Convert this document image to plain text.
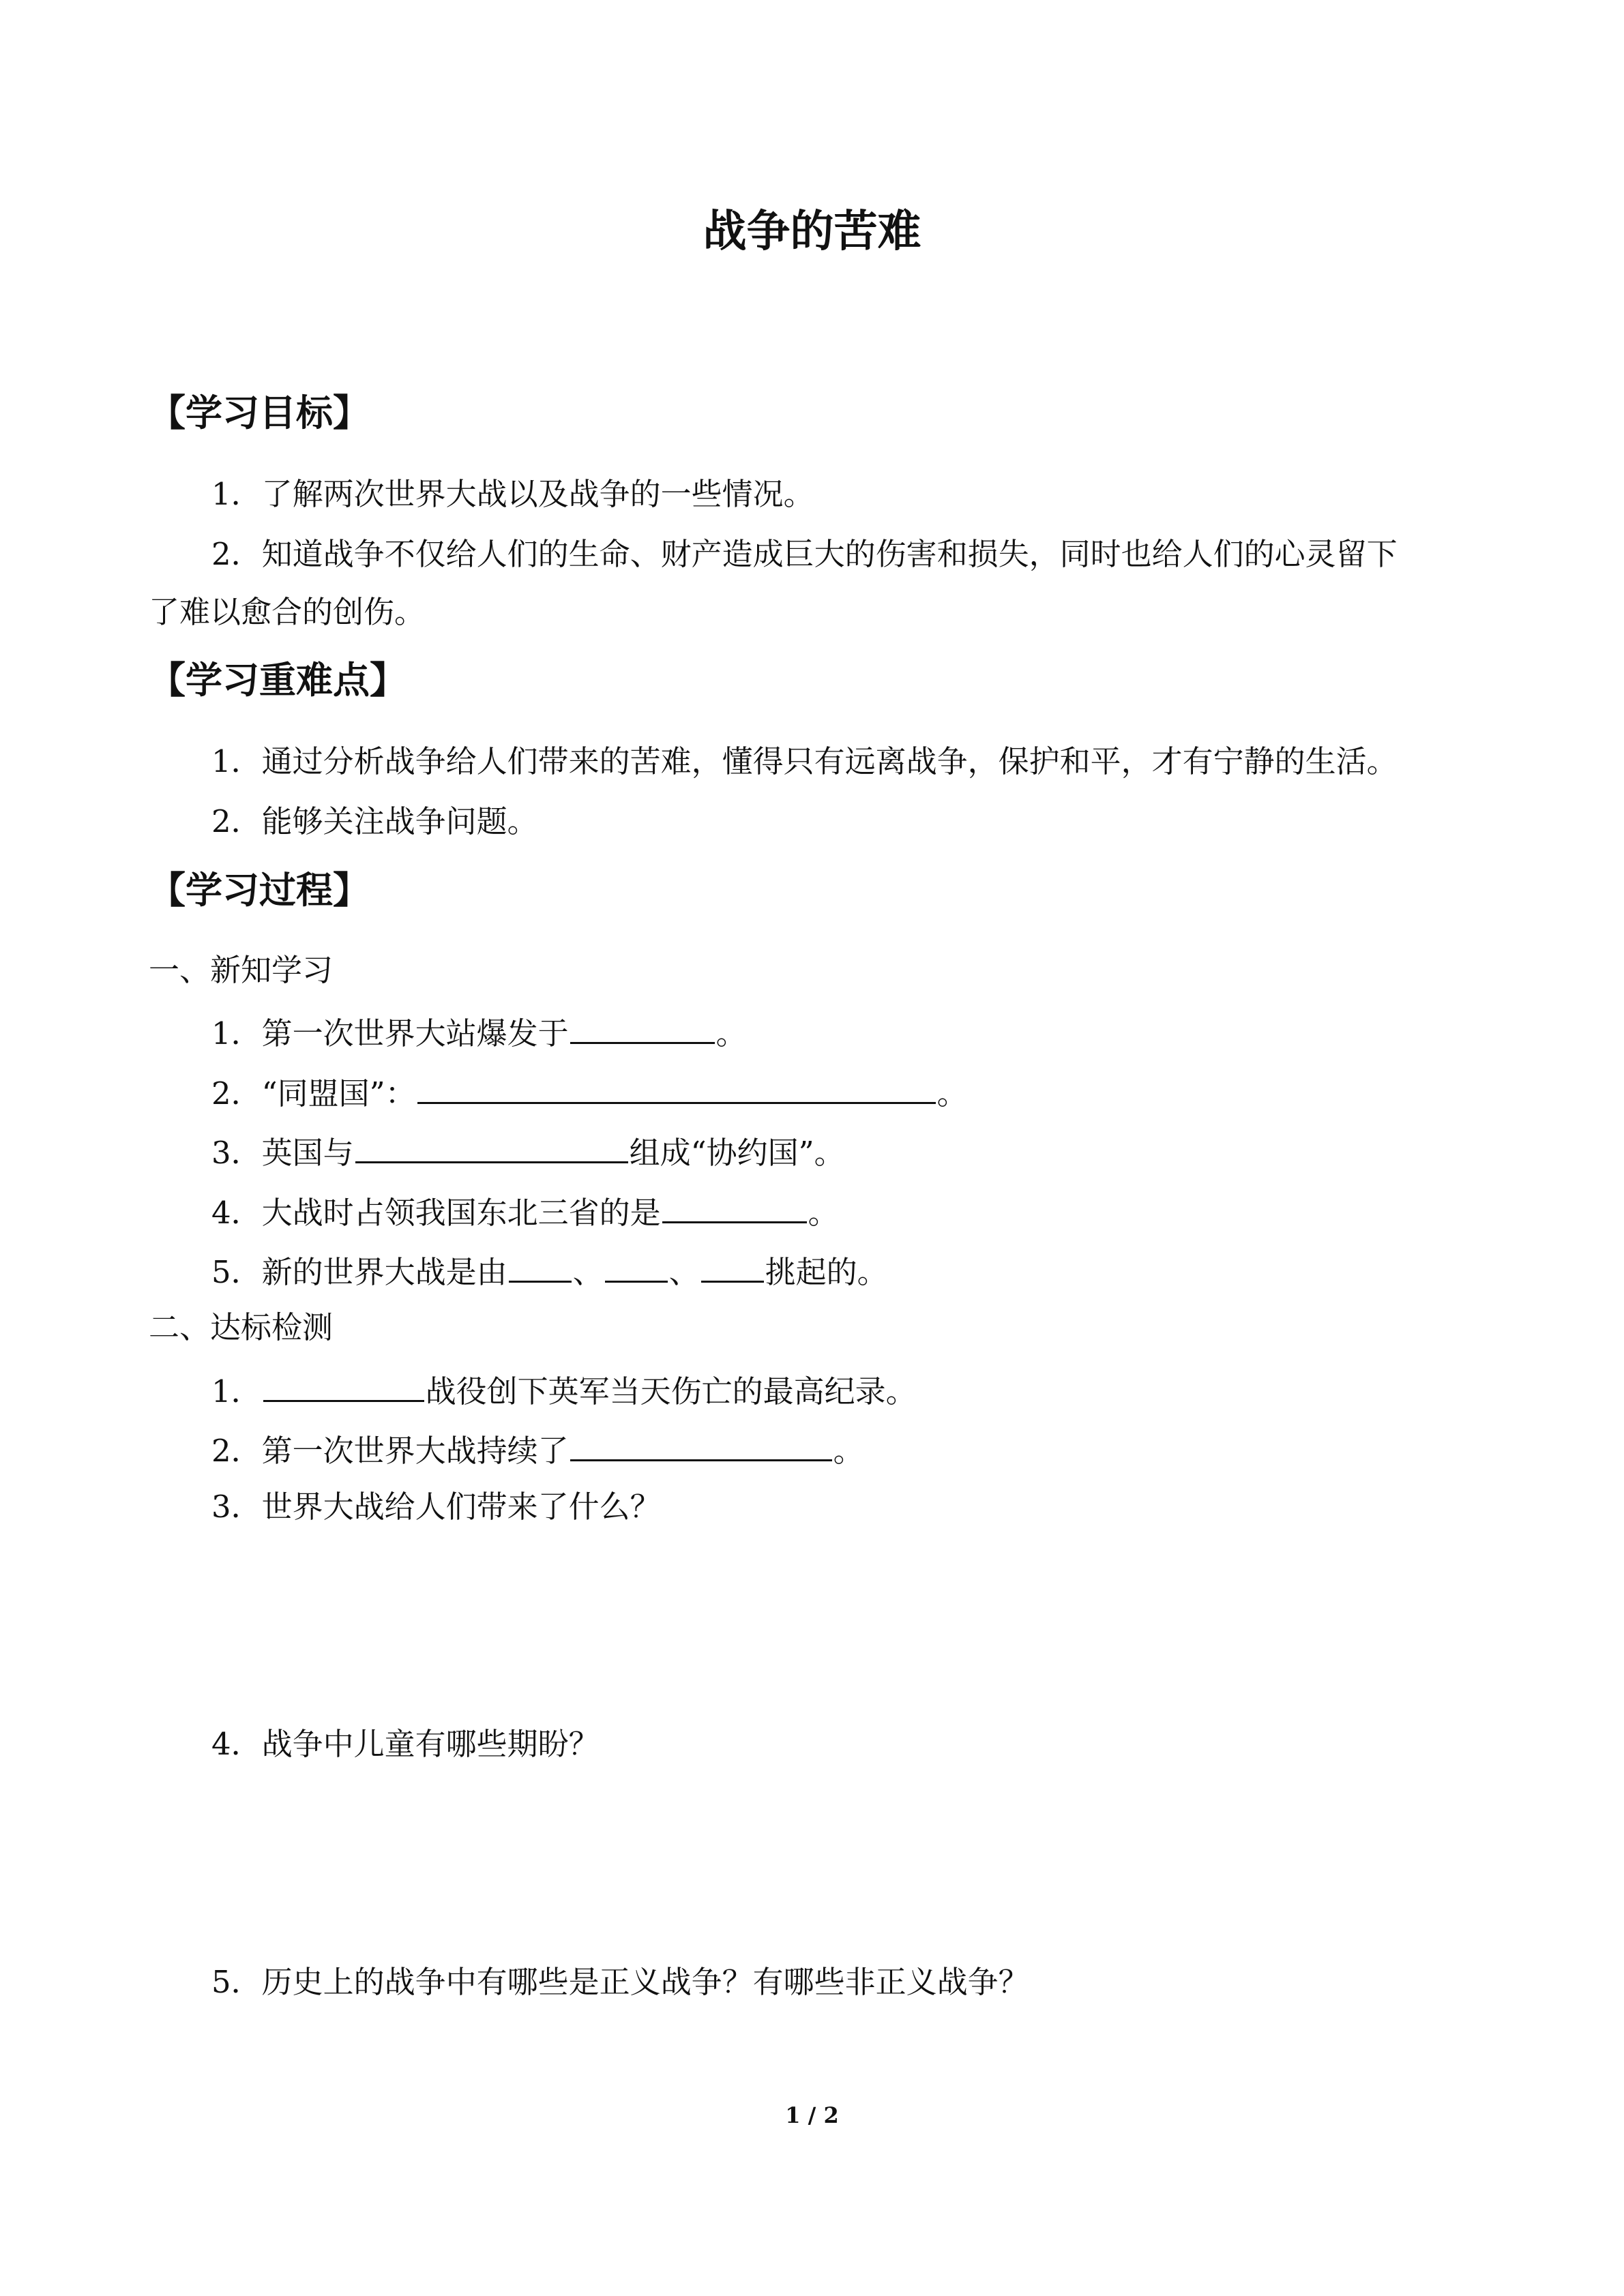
战争的苦难
【学习目标】
1．了解两次世界大战以及战争的一些情况。
2．知道战争不仅给人们的生命、财产造成巨大的伤害和损失，同时也给人们的心灵留下
了难以愈合的创伤。
【学习重难点】
1．通过分析战争给人们带来的苦难，懂得只有远离战争，保护和平，才有宁静的生活。
2．能够关注战争问题。
【学习过程】
一、新知学习
1．第一次世界大站爆发于	。
2．“同盟国”：	。
3．英国与	组成“协约国”。
4．大战时占领我国东北三省的是	。
5．新的世界大战是由 、 、 挑起的。
二、达标检测
1．	战役创下英军当天伤亡的最高纪录。
2．第一次世界大战持续了	。
3．世界大战给人们带来了什么？
4．战争中儿童有哪些期盼？
5．历史上的战争中有哪些是正义战争？有哪些非正义战争？
1 / 2
